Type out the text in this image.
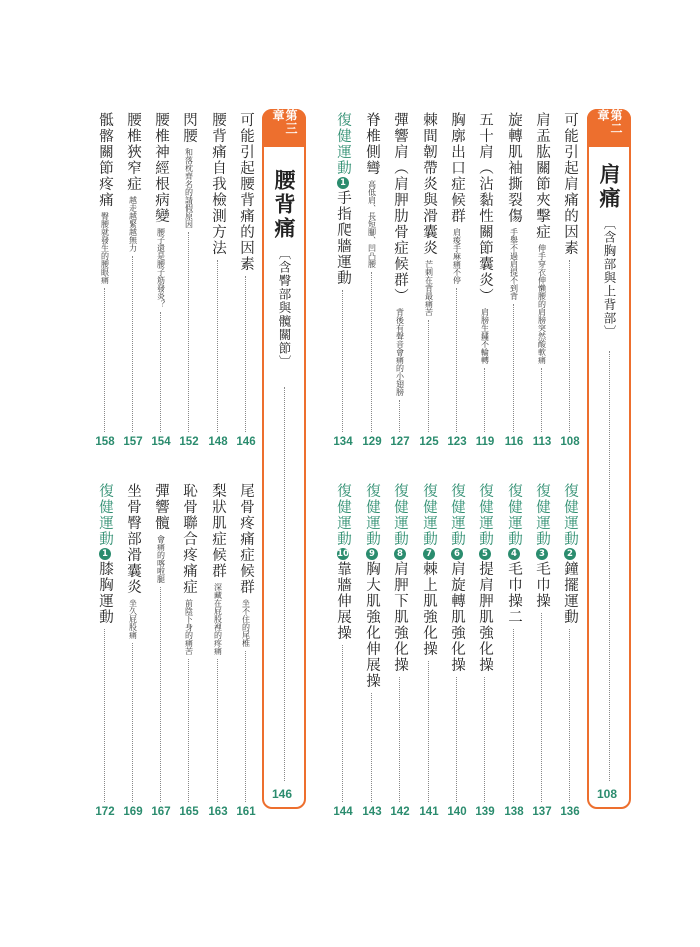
第二章
肩痛
〔含胸部與上背部〕
108
第三章
腰背痛
〔含臀部與髖關節〕
146
可能引起肩痛的因素
108
肩盂肱關節夾擊症
伸手穿衣伸懶腰的肩膀突然酸軟痛
113
旋轉肌袖撕裂傷
手舉不過肩提不到背
116
五十肩（沾黏性關節囊炎）
肩膀生鏽不輪轉
119
胸廓出口症候群
肩痠手麻痛不停
123
棘間韌帶炎與滑囊炎
芒刺在背最痛苦
125
彈響肩（肩胛肋骨症候群）
背後有聲音會痛的小翅膀
127
脊椎側彎
高低肩、長短腳、凹凸腰
129
復健運動
1
手指爬牆運動
134
可能引起腰背痛的因素
146
腰背痛自我檢測方法
148
閃腰
和落枕齊名的請假原因
152
腰椎神經根病變
腰子還是腰子筋發炎？
154
腰椎狹窄症
越走越緊越無力
157
骶髂關節疼痛
臀腰就發生的腰眼痛
158
復健運動
2
鐘擺運動
136
復健運動
3
毛巾操
137
復健運動
4
毛巾操二
138
復健運動
5
提肩胛肌強化操
139
復健運動
6
肩旋轉肌強化操
140
復健運動
7
棘上肌強化操
141
復健運動
8
肩胛下肌強化操
142
復健運動
9
胸大肌強化伸展操
143
復健運動
10
靠牆伸展操
144
尾骨疼痛症候群
坐不住的尾椎
161
梨狀肌症候群
深藏在屁股裡的疼痛
163
恥骨聯合疼痛症
前陰下身的痛苦
165
彈響髖
會痛的喀啦腿
167
坐骨臀部滑囊炎
坐久屁股痛
169
復健運動
1
膝胸運動
172
